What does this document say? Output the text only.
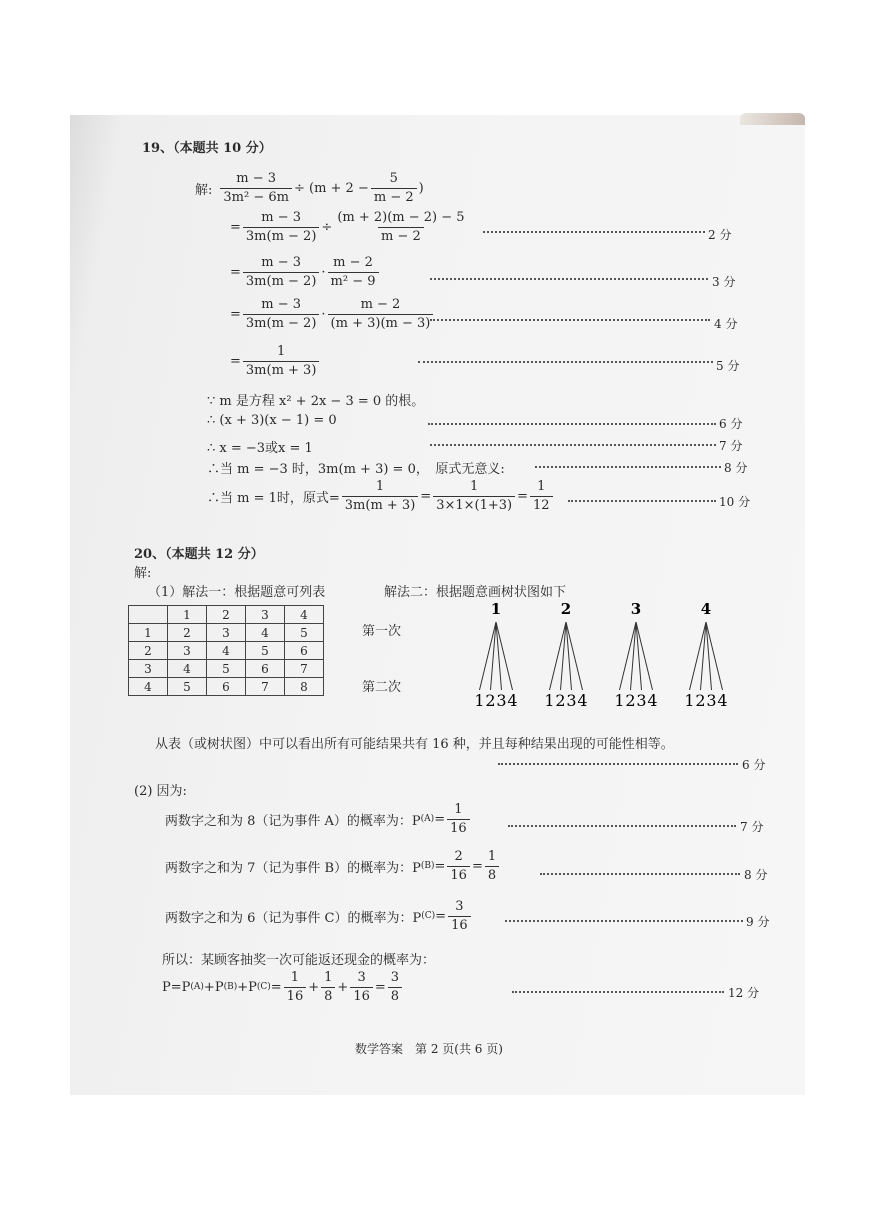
19、（本题共 10 分）
解: $\frac{m - 3}{\text{3m² − 6m}} \div (m + 2 - \frac{5}{m - 2}$ )
= $\frac{m - 3}{3m(m - 2)} \div \frac{(m + 2)(m - 2) - 5}{m - 2}$	2 分
= $\frac{m - 3}{3m(m - 2)} \cdot \frac{m - 2}{\text{m² − 9}}$	3 分
= $\frac{m - 3}{3m(m - 2)} \cdot \frac{m - 2}{(m + 3)(m - 3)}$	4 分
= $\frac{1}{3m(m + 3)}$	5 分
∵ m 是方程 x² + 2x − 3 = 0 的根。
∴ (x + 3)(x − 1) = 0	6 分
∴ x = −3或x = 1	7 分
∴当 m = −3 时，3m(m + 3) = 0，　原式无意义:	8 分
∴当 m = 1时，原式= $\frac{1}{3m(m + 3)} = \frac{1}{3\times 1\times(1+3)} = \frac{1}{12}$	10 分
20、（本题共 12 分）
解:
（1）解法一：根据题意可列表	解法二：根据题意画树状图如下
	1	2	3	4
1	2	3	4	5
2	3	4	5	6
3	4	5	6	7
4	5	6	7	8
第一次
第二次
1
1 2 3 4
2
1 2 3 4
3
1 2 3 4
4
1 2 3 4
从表（或树状图）中可以看出所有可能结果共有 16 种，并且每种结果出现的可能性相等。
6 分
(2) 因为:
两数字之和为 8（记为事件 A）的概率为：P $(A) = \frac{1}{16}$	7 分
两数字之和为 7（记为事件 B）的概率为：P $(B) = \frac{2}{16} = \frac{1}{8}$	8 分
两数字之和为 6（记为事件 C）的概率为：P $(C) = \frac{3}{16}$	9 分
所以：某顾客抽奖一次可能返还现金的概率为：
P=P (A) +P (B) +P $(C) = \frac{1}{16} + \frac{1}{8} + \frac{3}{16} = \frac{3}{8}$	12 分
数学答案　第 2 页(共 6 页)
